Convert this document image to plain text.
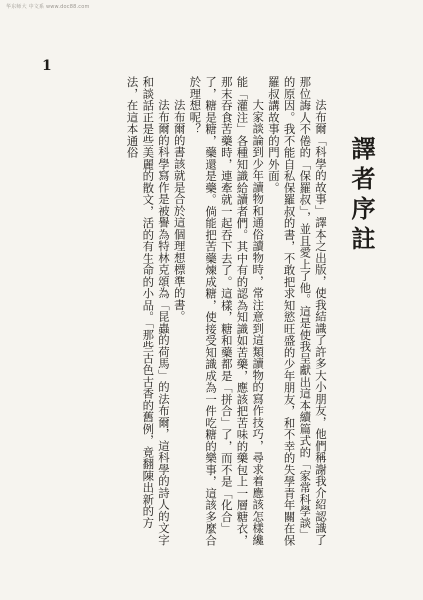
华东师大 中文系 www.doc88.com
1
譯者序註

法布爾「科學的故事」譯本之出版，使我結識了許多大小朋友，他們稱謝我介紹認識了那位誨人不倦的「保羅叔」，並且愛上了他。這是使我呈獻出這本續篇式的「家常科學談」的原因。我不能自私保羅叔的書，不敢把求知慾旺盛的少年朋友，和不幸的失學青年關在保羅叔講故事的門外面。

大家談論到少年讀物和通俗讀物時，常注意到這類讀物的寫作技巧，尋求着應該怎樣纔能「灌注」各種知識給讀者們。其中有的認為知識如苦藥，應該把苦味的藥包上一層糖衣，那末吞食苦藥時，連牽就一起吞下去了。這樣，糖和藥都是「拼合」了，而不是「化合」了，糖是糖，藥還是藥。倘能把苦藥煉成糖，使接受知識成為一件吃糖的樂事，這該多麼合於理想呢？

法布爾的書該就是合於這個理想標準的書。

法布爾的科學寫作是被譽為特林克頌為「昆蟲的荷馬」的法布爾，這科學的詩人的文字和談話正是些美麗的散文，活的有生命的小品。「那些古色古香的舊例，竟翻陳出新的方法，在這本通俗
